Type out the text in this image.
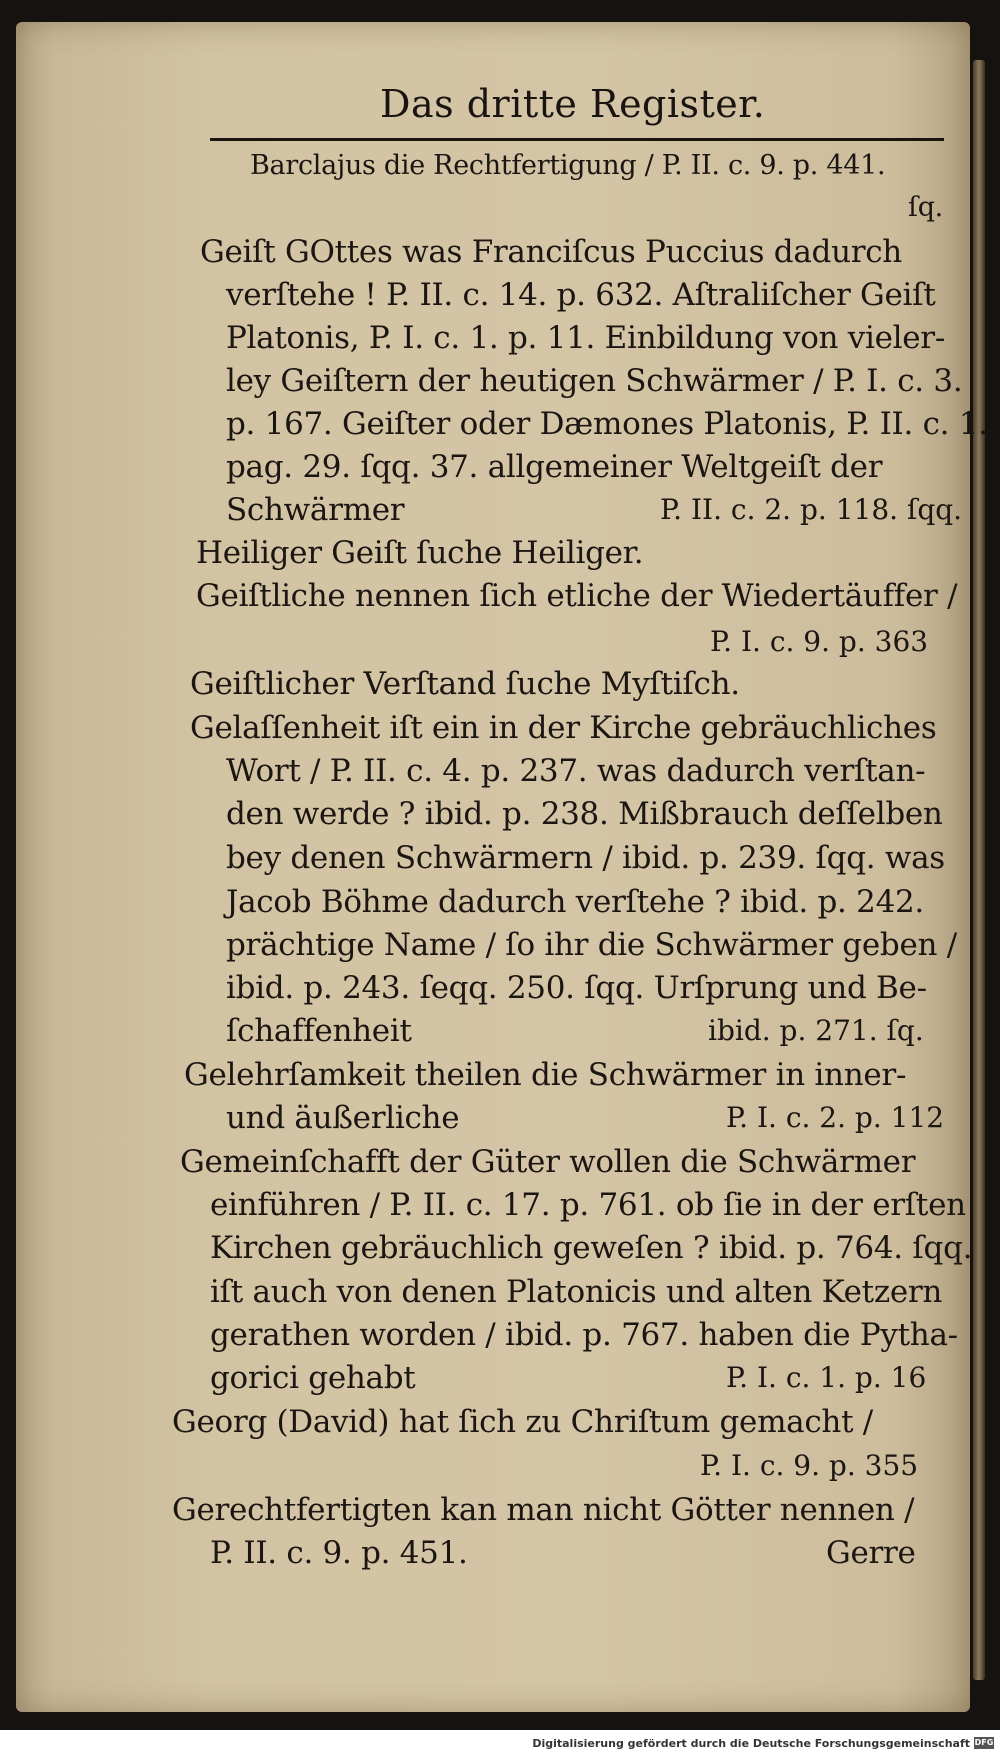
Das dritte Register.
Barclajus die Rechtfertigung / P. II. c. 9. p. 441.
ſq.
Geiſt GOttes was Franciſcus Puccius dadurch
verſtehe ! P. II. c. 14. p. 632. Aſtraliſcher Geiſt
Platonis, P. I. c. 1. p. 11. Einbildung von vieler-
ley Geiſtern der heutigen Schwärmer / P. I. c. 3.
p. 167. Geiſter oder Dæmones Platonis, P. II. c. 1.
pag. 29. ſqq. 37. allgemeiner Weltgeiſt der
Schwärmer	P. II. c. 2. p. 118. ſqq.
Heiliger Geiſt ſuche Heiliger.
Geiſtliche nennen ſich etliche der Wiedertäuffer /
P. I. c. 9. p. 363
Geiſtlicher Verſtand ſuche Myſtiſch.
Gelaſſenheit iſt ein in der Kirche gebräuchliches
Wort / P. II. c. 4. p. 237. was dadurch verſtan-
den werde ? ibid. p. 238. Mißbrauch deſſelben
bey denen Schwärmern / ibid. p. 239. ſqq. was
Jacob Böhme dadurch verſtehe ? ibid. p. 242.
prächtige Name / ſo ihr die Schwärmer geben /
ibid. p. 243. ſeqq. 250. ſqq. Urſprung und Be-
ſchaffenheit	ibid. p. 271. ſq.
Gelehrſamkeit theilen die Schwärmer in inner-
und äußerliche	P. I. c. 2. p. 112
Gemeinſchafft der Güter wollen die Schwärmer
einführen / P. II. c. 17. p. 761. ob ſie in der erſten
Kirchen gebräuchlich geweſen ? ibid. p. 764. ſqq.
iſt auch von denen Platonicis und alten Ketzern
gerathen worden / ibid. p. 767. haben die Pytha-
gorici gehabt	P. I. c. 1. p. 16
Georg (David) hat ſich zu Chriſtum gemacht /
P. I. c. 9. p. 355
Gerechtfertigten kan man nicht Götter nennen /
P. II. c. 9. p. 451.	Gerre
Digitalisierung gefördert durch die Deutsche Forschungsgemeinschaft DFG
